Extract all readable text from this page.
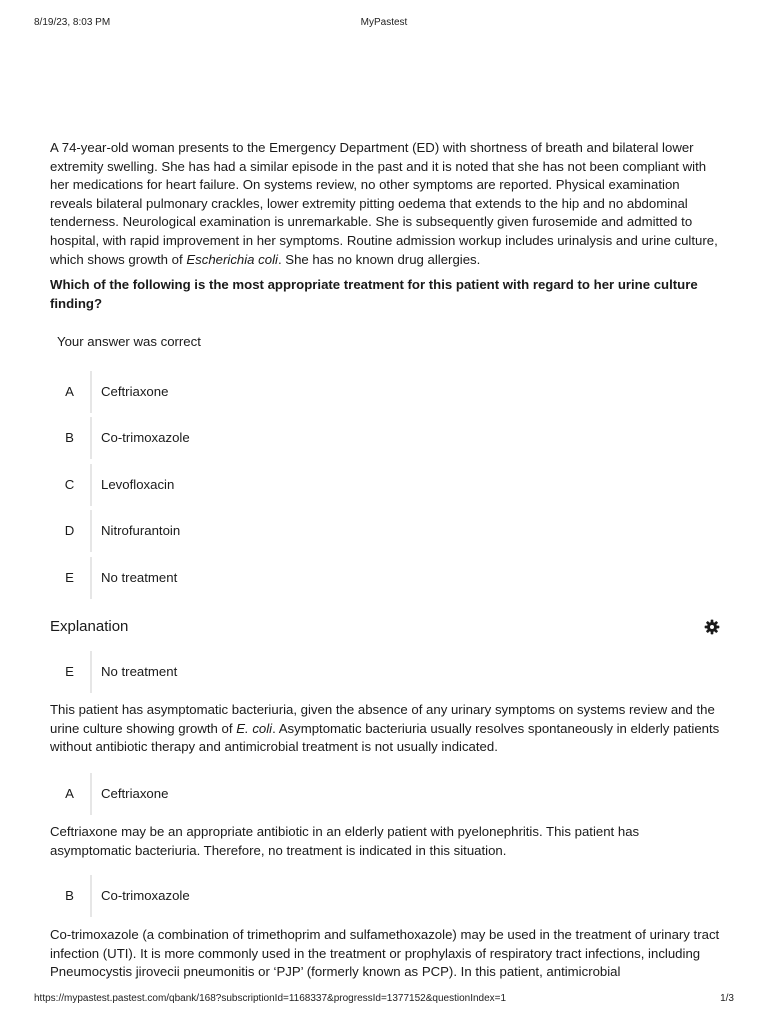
8/19/23, 8:03 PM	MyPastest

A 74-year-old woman presents to the Emergency Department (ED) with shortness of breath and bilateral lower extremity swelling. She has had a similar episode in the past and it is noted that she has not been compliant with her medications for heart failure. On systems review, no other symptoms are reported. Physical examination reveals bilateral pulmonary crackles, lower extremity pitting oedema that extends to the hip and no abdominal tenderness. Neurological examination is unremarkable. She is subsequently given furosemide and admitted to hospital, with rapid improvement in her symptoms. Routine admission workup includes urinalysis and urine culture, which shows growth of Escherichia coli. She has no known drug allergies.

Which of the following is the most appropriate treatment for this patient with regard to her urine culture finding?
Your answer was correct
A	Ceftriaxone
B	Co-trimoxazole
C	Levofloxacin
D	Nitrofurantoin
E	No treatment
Explanation
E	No treatment

This patient has asymptomatic bacteriuria, given the absence of any urinary symptoms on systems review and the urine culture showing growth of E. coli. Asymptomatic bacteriuria usually resolves spontaneously in elderly patients without antibiotic therapy and antimicrobial treatment is not usually indicated.

A	Ceftriaxone

Ceftriaxone may be an appropriate antibiotic in an elderly patient with pyelonephritis. This patient has asymptomatic bacteriuria. Therefore, no treatment is indicated in this situation.

B	Co-trimoxazole

Co-trimoxazole (a combination of trimethoprim and sulfamethoxazole) may be used in the treatment of urinary tract infection (UTI). It is more commonly used in the treatment or prophylaxis of respiratory tract infections, including Pneumocystis jirovecii pneumonitis or ‘PJP’ (formerly known as PCP). In this patient, antimicrobial

https://mypastest.pastest.com/qbank/168?subscriptionId=1168337&progressId=1377152&questionIndex=1	1/3
